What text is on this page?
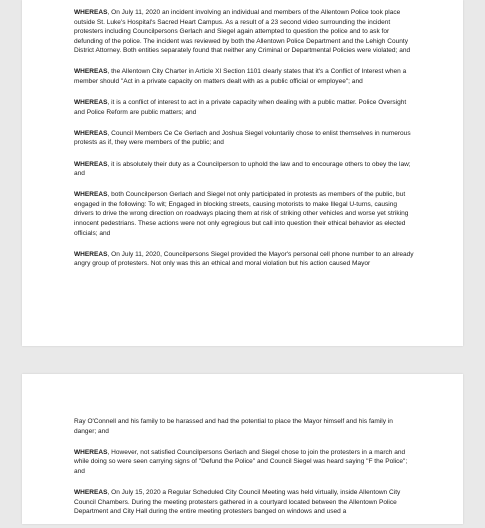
WHEREAS, On July 11, 2020 an incident involving an individual and members of the Allentown Police took place outside St. Luke's Hospital's Sacred Heart Campus. As a result of a 23 second video surrounding the incident protesters including Councilpersons Gerlach and Siegel again attempted to question the police and to ask for defunding of the police. The incident was reviewed by both the Allentown Police Department and the Lehigh County District Attorney. Both entities separately found that neither any Criminal or Departmental Policies were violated; and

WHEREAS, the Allentown City Charter in Article XI Section 1101 clearly states that it's a Conflict of Interest when a member should "Act in a private capacity on matters dealt with as a public official or employee"; and

WHEREAS, it is a conflict of interest to act in a private capacity when dealing with a public matter. Police Oversight and Police Reform are public matters; and

WHEREAS, Council Members Ce Ce Gerlach and Joshua Siegel voluntarily chose to enlist themselves in numerous protests as if, they were members of the public; and

WHEREAS, it is absolutely their duty as a Councilperson to uphold the law and to encourage others to obey the law; and

WHEREAS, both Councilperson Gerlach and Siegel not only participated in protests as members of the public, but engaged in the following: To wit; Engaged in blocking streets, causing motorists to make Illegal U-turns, causing drivers to drive the wrong direction on roadways placing them at risk of striking other vehicles and worse yet striking innocent pedestrians. These actions were not only egregious but call into question their ethical behavior as elected officials; and

WHEREAS, On July 11, 2020, Councilpersons Siegel provided the Mayor's personal cell phone number to an already angry group of protesters. Not only was this an ethical and moral violation but his action caused Mayor

Ray O'Connell and his family to be harassed and had the potential to place the Mayor himself and his family in danger; and

WHEREAS, However, not satisfied Councilpersons Gerlach and Siegel chose to join the protesters in a march and while doing so were seen carrying signs of "Defund the Police" and Council Siegel was heard saying "F the Police"; and

WHEREAS, On July 15, 2020 a Regular Scheduled City Council Meeting was held virtually, inside Allentown City Council Chambers. During the meeting protesters gathered in a courtyard located between the Allentown Police Department and City Hall during the entire meeting protesters banged on windows and used a
